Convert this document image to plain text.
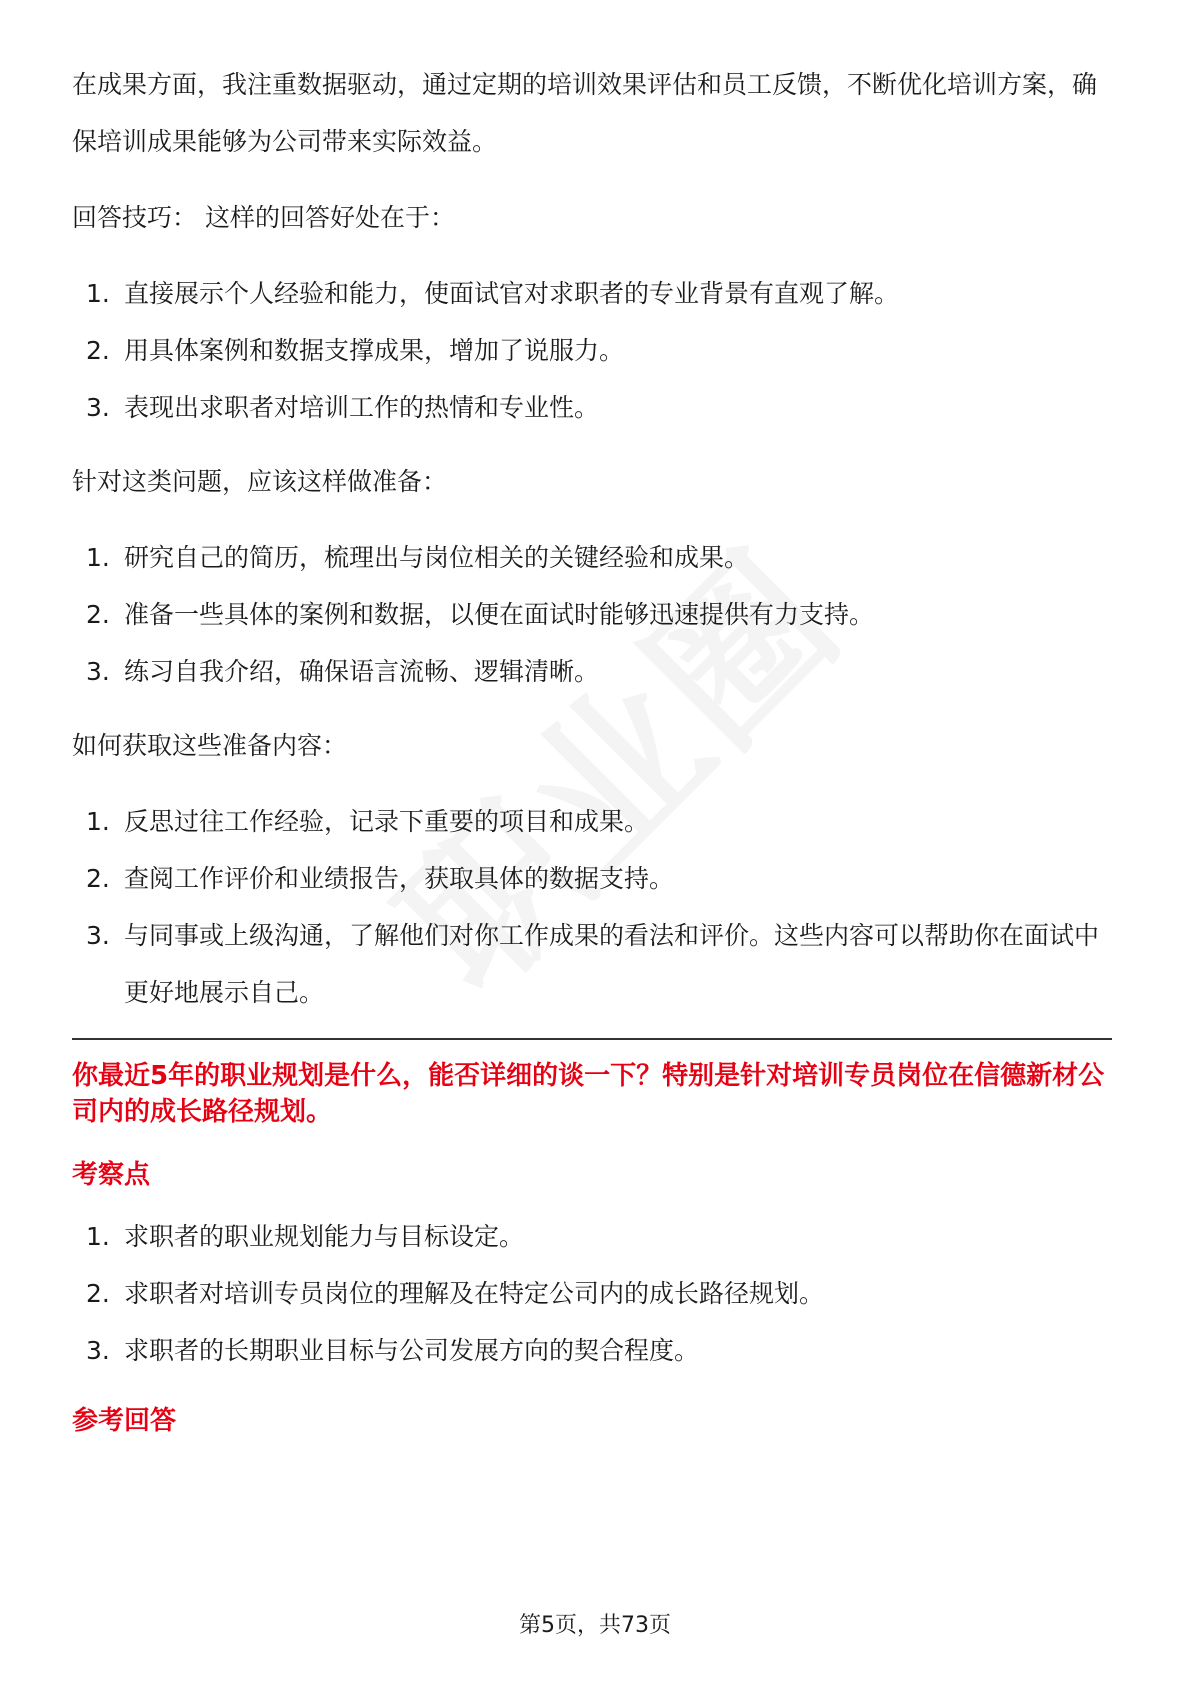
在成果方面，我注重数据驱动，通过定期的培训效果评估和员工反馈，不断优化培训方案，确保培训成果能够为公司带来实际效益。

回答技巧： 这样的回答好处在于：

1. 直接展示个人经验和能力，使面试官对求职者的专业背景有直观了解。
2. 用具体案例和数据支撑成果，增加了说服力。
3. 表现出求职者对培训工作的热情和专业性。

针对这类问题，应该这样做准备：

1. 研究自己的简历，梳理出与岗位相关的关键经验和成果。
2. 准备一些具体的案例和数据，以便在面试时能够迅速提供有力支持。
3. 练习自我介绍，确保语言流畅、逻辑清晰。

如何获取这些准备内容：

1. 反思过往工作经验，记录下重要的项目和成果。
2. 查阅工作评价和业绩报告，获取具体的数据支持。
3. 与同事或上级沟通，了解他们对你工作成果的看法和评价。这些内容可以帮助你在面试中更好地展示自己。

你最近5年的职业规划是什么，能否详细的谈一下？特别是针对培训专员岗位在信德新材公司内的成长路径规划。

考察点

1. 求职者的职业规划能力与目标设定。
2. 求职者对培训专员岗位的理解及在特定公司内的成长路径规划。
3. 求职者的长期职业目标与公司发展方向的契合程度。

参考回答

第5页，共73页
